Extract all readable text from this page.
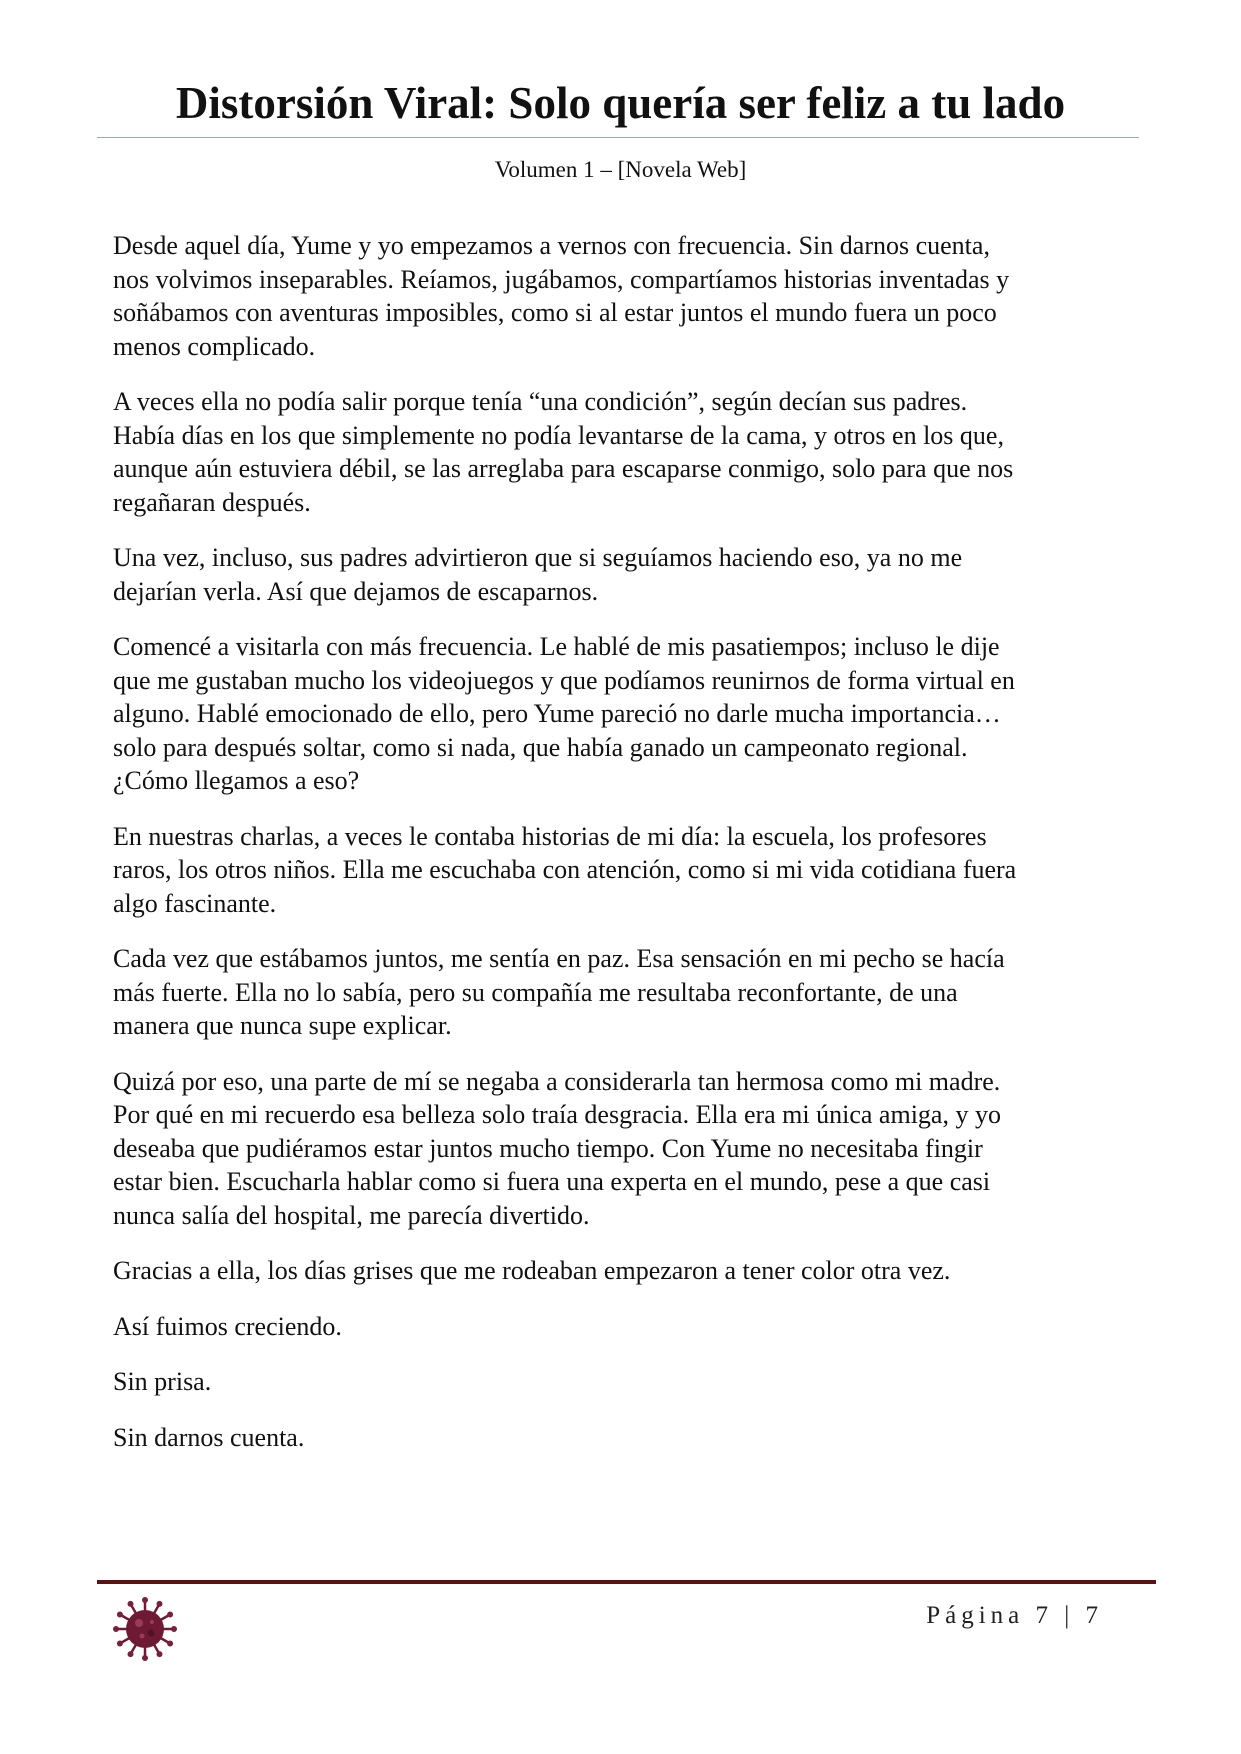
Distorsión Viral: Solo quería ser feliz a tu lado
Volumen 1 – [Novela Web]

Desde aquel día, Yume y yo empezamos a vernos con frecuencia. Sin darnos cuenta,
nos volvimos inseparables. Reíamos, jugábamos, compartíamos historias inventadas y
soñábamos con aventuras imposibles, como si al estar juntos el mundo fuera un poco
menos complicado.

A veces ella no podía salir porque tenía “una condición”, según decían sus padres.
Había días en los que simplemente no podía levantarse de la cama, y otros en los que,
aunque aún estuviera débil, se las arreglaba para escaparse conmigo, solo para que nos
regañaran después.

Una vez, incluso, sus padres advirtieron que si seguíamos haciendo eso, ya no me
dejarían verla. Así que dejamos de escaparnos.

Comencé a visitarla con más frecuencia. Le hablé de mis pasatiempos; incluso le dije
que me gustaban mucho los videojuegos y que podíamos reunirnos de forma virtual en
alguno. Hablé emocionado de ello, pero Yume pareció no darle mucha importancia…
solo para después soltar, como si nada, que había ganado un campeonato regional.
¿Cómo llegamos a eso?

En nuestras charlas, a veces le contaba historias de mi día: la escuela, los profesores
raros, los otros niños. Ella me escuchaba con atención, como si mi vida cotidiana fuera
algo fascinante.

Cada vez que estábamos juntos, me sentía en paz. Esa sensación en mi pecho se hacía
más fuerte. Ella no lo sabía, pero su compañía me resultaba reconfortante, de una
manera que nunca supe explicar.

Quizá por eso, una parte de mí se negaba a considerarla tan hermosa como mi madre.
Por qué en mi recuerdo esa belleza solo traía desgracia. Ella era mi única amiga, y yo
deseaba que pudiéramos estar juntos mucho tiempo. Con Yume no necesitaba fingir
estar bien. Escucharla hablar como si fuera una experta en el mundo, pese a que casi
nunca salía del hospital, me parecía divertido.

Gracias a ella, los días grises que me rodeaban empezaron a tener color otra vez.

Así fuimos creciendo.

Sin prisa.

Sin darnos cuenta.

Página 7 | 7
